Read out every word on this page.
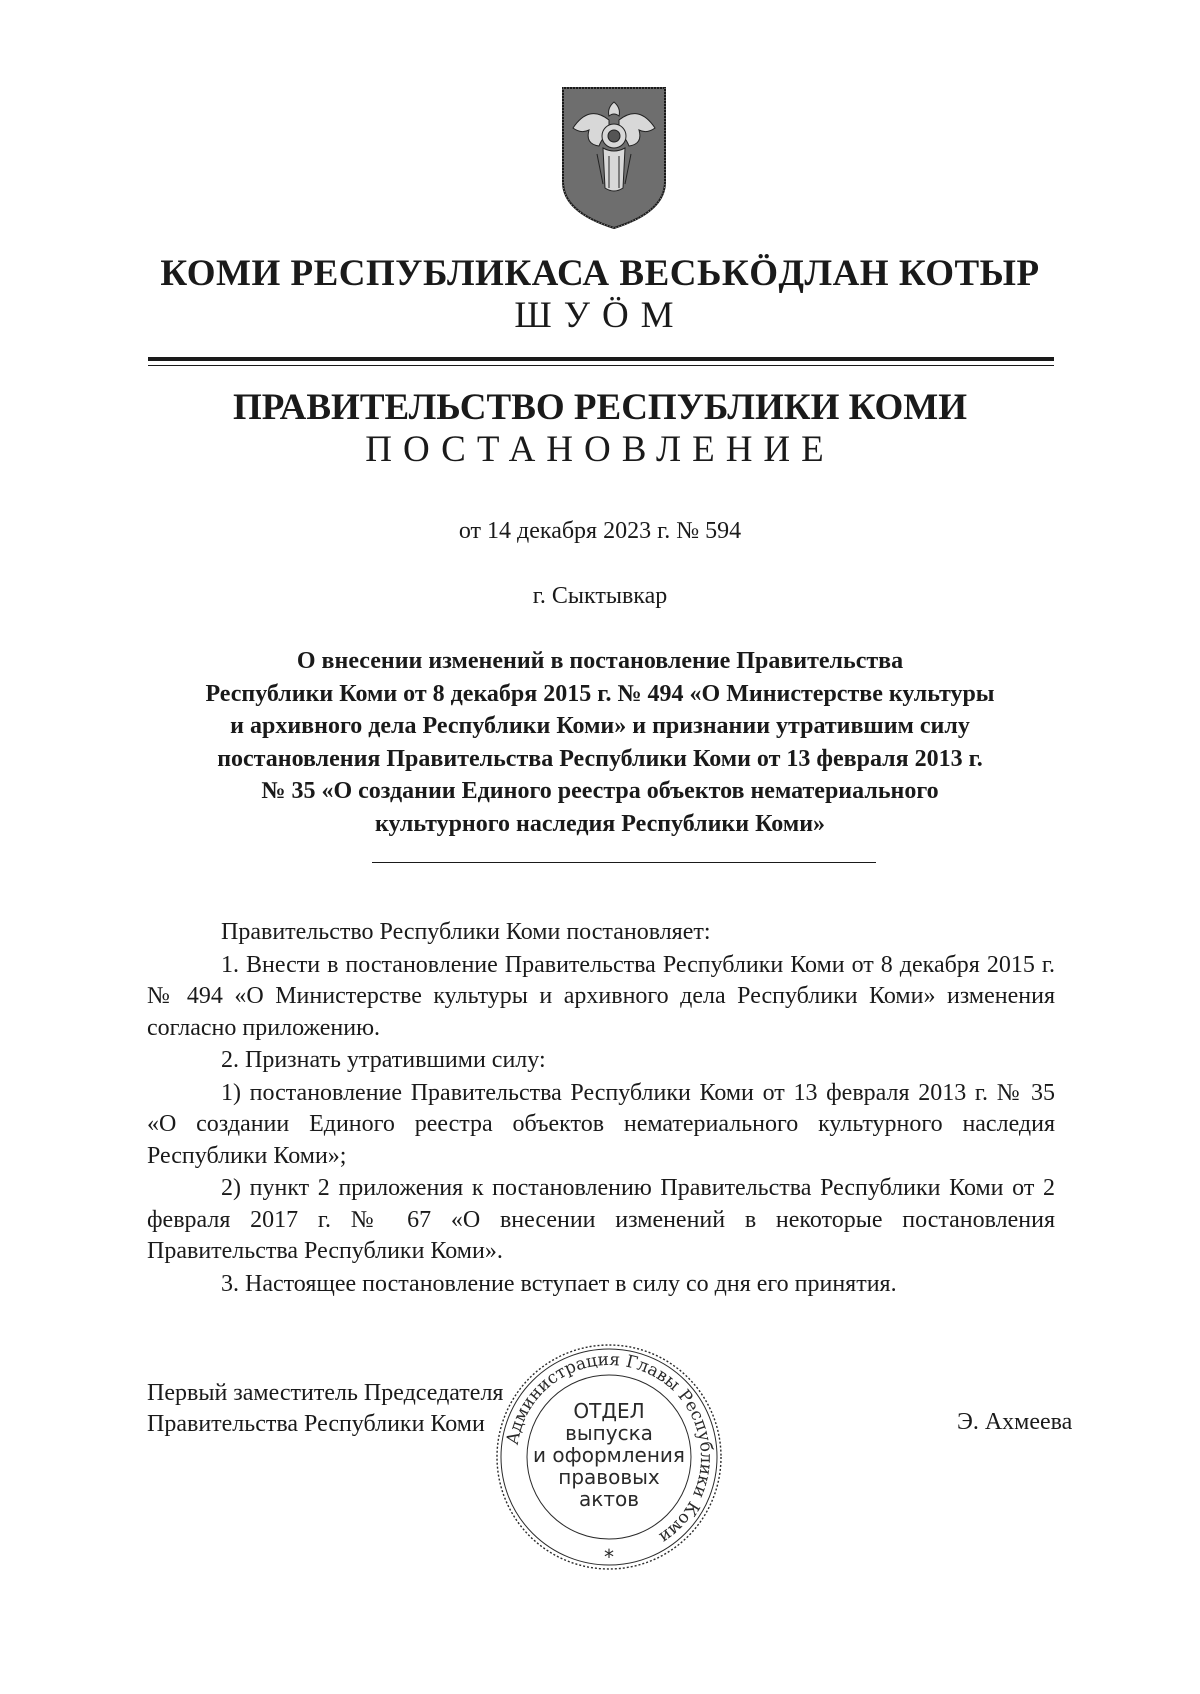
КОМИ РЕСПУБЛИКАСА ВЕСЬКӦДЛАН КОТЫР
ШУӦМ
ПРАВИТЕЛЬСТВО РЕСПУБЛИКИ КОМИ
ПОСТАНОВЛЕНИЕ
от 14 декабря 2023 г. № 594
г. Сыктывкар
О внесении изменений в постановление Правительства
Республики Коми от 8 декабря 2015 г. № 494 «О Министерстве культуры
и архивного дела Республики Коми» и признании утратившим силу
постановления Правительства Республики Коми от 13 февраля 2013 г.
№ 35 «О создании Единого реестра объектов нематериального
культурного наследия Республики Коми»

Правительство Республики Коми постановляет:

1. Внести в постановление Правительства Республики Коми от 8 декабря 2015 г. № 494 «О Министерстве культуры и архивного дела Республики Коми» изменения согласно приложению.

2. Признать утратившими силу:

1) постановление Правительства Республики Коми от 13 февраля 2013 г. № 35 «О создании Единого реестра объектов нематериального культурного наследия Республики Коми»;

2) пункт 2 приложения к постановлению Правительства Республики Коми от 2 февраля 2017 г. № 67 «О внесении изменений в некоторые постановления Правительства Республики Коми».

3. Настоящее постановление вступает в силу со дня его принятия.

Первый заместитель Председателя
Правительства Республики Коми	Э. Ахмеева
Администрация Главы Республики Коми
ОТДЕЛ
выпуска
и оформления
правовых
актов
*
